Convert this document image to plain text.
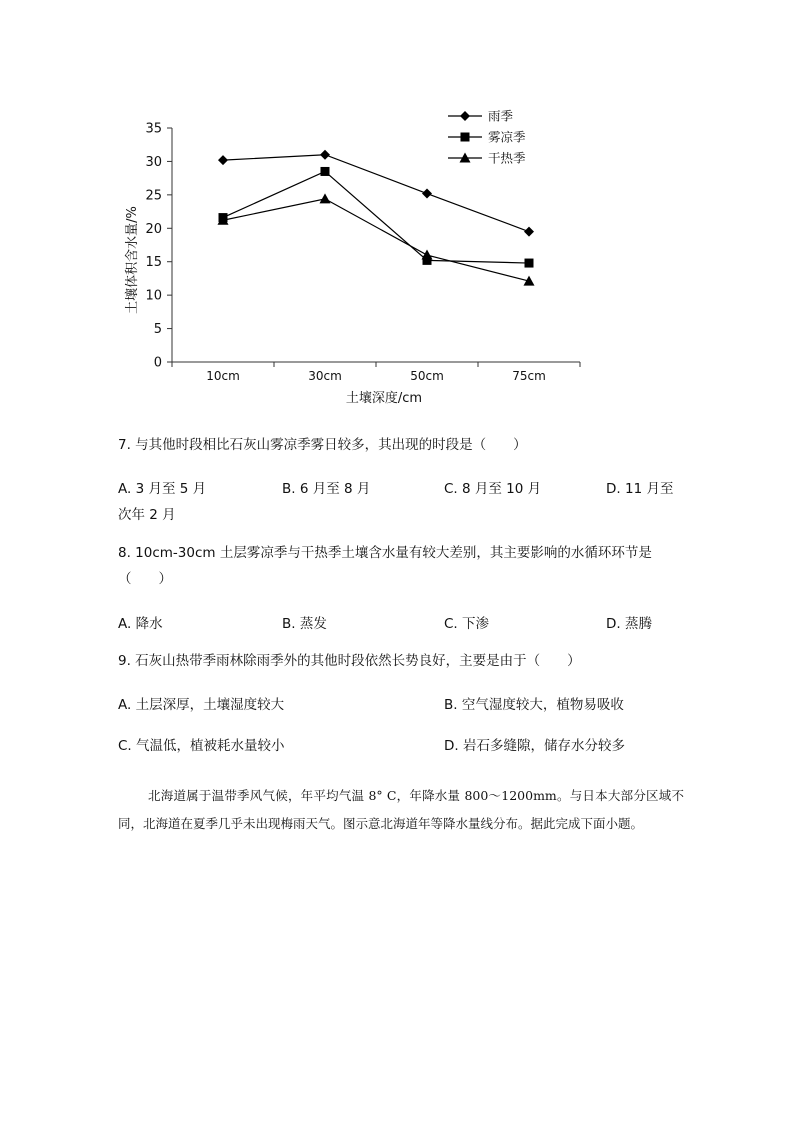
0
5
10
15
20
25
30
35
10cm	30cm	50cm	75cm
雨季
雾凉季
干热季
土壤深度/cm
土壤体积含水量/%
7. 与其他时段相比石灰山雾凉季雾日较多，其出现的时段是（　　）
A. 3 月至 5 月	B. 6 月至 8 月	C. 8 月至 10 月	D. 11 月至
次年 2 月
8. 10cm-30cm 土层雾凉季与干热季土壤含水量有较大差别，其主要影响的水循环环节是
（　　）
A. 降水	B. 蒸发	C. 下渗	D. 蒸腾
9. 石灰山热带季雨林除雨季外的其他时段依然长势良好，主要是由于（　　）
A. 土层深厚，土壤湿度较大	B. 空气湿度较大，植物易吸收
C. 气温低，植被耗水量较小	D. 岩石多缝隙，储存水分较多
北海道属于温带季风气候，年平均气温 8° C，年降水量 800～1200mm。与日本大部分区域不同，北海道在夏季几乎未出现梅雨天气。图示意北海道年等降水量线分布。据此完成下面小题。
